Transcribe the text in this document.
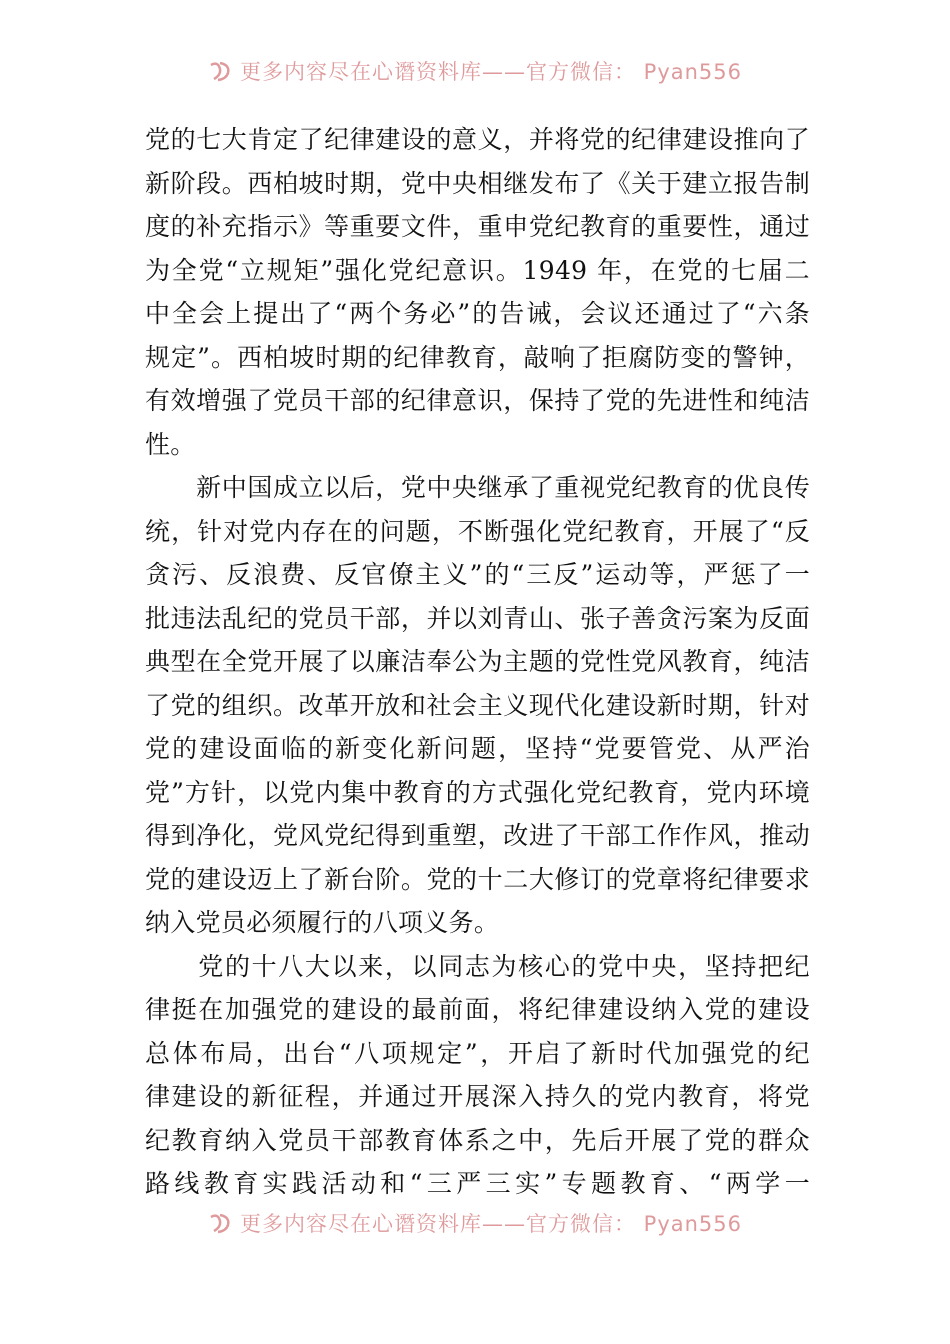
更多内容尽在心谮资料库——官方微信： Pyan556
党的七大肯定了纪律建设的意义，并将党的纪律建设推向了
新阶段。西柏坡时期，党中央相继发布了《关于建立报告制
度的补充指示》等重要文件，重申党纪教育的重要性，通过
为全党“立规矩”强化党纪意识。1949 年，在党的七届二
中全会上提出了“两个务必”的告诫，会议还通过了“六条
规定”。西柏坡时期的纪律教育，敲响了拒腐防变的警钟，
有效增强了党员干部的纪律意识，保持了党的先进性和纯洁
性。
　　新中国成立以后，党中央继承了重视党纪教育的优良传
统，针对党内存在的问题，不断强化党纪教育，开展了“反
贪污、反浪费、反官僚主义”的“三反”运动等，严惩了一
批违法乱纪的党员干部，并以刘青山、张子善贪污案为反面
典型在全党开展了以廉洁奉公为主题的党性党风教育，纯洁
了党的组织。改革开放和社会主义现代化建设新时期，针对
党的建设面临的新变化新问题，坚持“党要管党、从严治
党”方针，以党内集中教育的方式强化党纪教育，党内环境
得到净化，党风党纪得到重塑，改进了干部工作作风，推动
党的建设迈上了新台阶。党的十二大修订的党章将纪律要求
纳入党员必须履行的八项义务。
　　党的十八大以来，以同志为核心的党中央，坚持把纪
律挺在加强党的建设的最前面，将纪律建设纳入党的建设
总体布局，出台“八项规定”，开启了新时代加强党的纪
律建设的新征程，并通过开展深入持久的党内教育，将党
纪教育纳入党员干部教育体系之中，先后开展了党的群众
路线教育实践活动和“三严三实”专题教育、“两学一
更多内容尽在心谮资料库——官方微信： Pyan556
